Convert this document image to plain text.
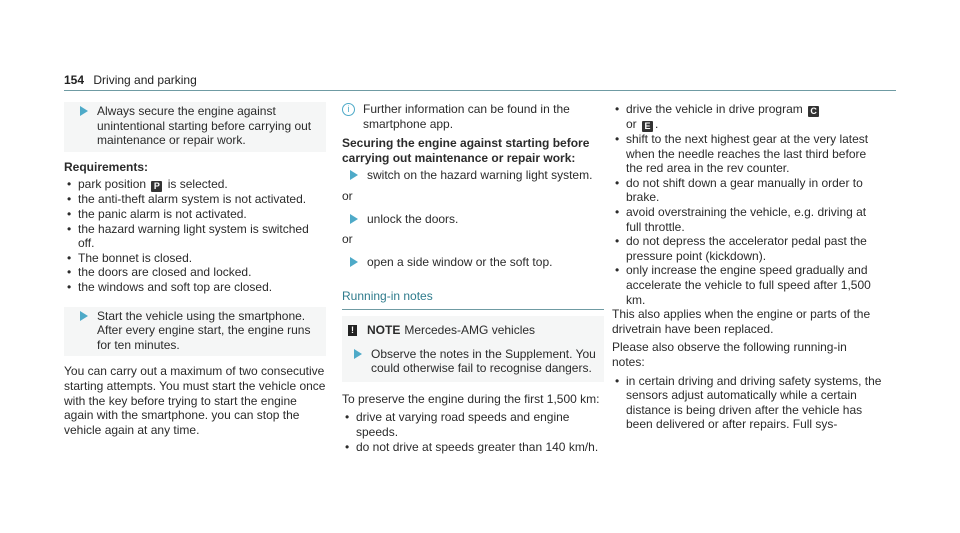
154 Driving and parking
Always secure the engine against unintentional starting before carrying out maintenance or repair work.
Requirements:
• park position P is selected.
• the anti-theft alarm system is not activated.
• the panic alarm is not activated.
• the hazard warning light system is switched off.
• The bonnet is closed.
• the doors are closed and locked.
• the windows and soft top are closed.
Start the vehicle using the smartphone. After every engine start, the engine runs for ten minutes.

You can carry out a maximum of two consecutive starting attempts. You must start the vehicle once with the key before trying to start the engine again with the smartphone. you can stop the vehicle again at any time.

i	Further information can be found in the smartphone app.
Securing the engine against starting before carrying out maintenance or repair work:
switch on the hazard warning light system.

or

unlock the doors.

or

open a side window or the soft top.
Running-in notes
! NOTE Mercedes-AMG vehicles
Observe the notes in the Supplement. You could otherwise fail to recognise dangers.

To preserve the engine during the first 1,500 km:

• drive at varying road speeds and engine speeds.
• do not drive at speeds greater than 140 km/h.
• drive the vehicle in drive program C
or E .
• shift to the next highest gear at the very latest when the needle reaches the last third before the red area in the rev counter.
• do not shift down a gear manually in order to brake.
• avoid overstraining the vehicle, e.g. driving at full throttle.
• do not depress the accelerator pedal past the pressure point (kickdown).
• only increase the engine speed gradually and accelerate the vehicle to full speed after 1,500 km.

This also applies when the engine or parts of the drivetrain have been replaced.

Please also observe the following running-in notes:

• in certain driving and driving safety systems, the sensors adjust automatically while a certain distance is being driven after the vehicle has been delivered or after repairs. Full sys-
